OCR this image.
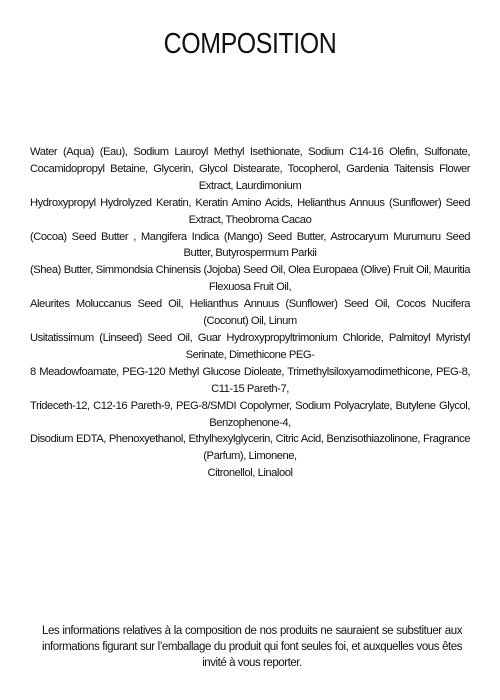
COMPOSITION

Water (Aqua) (Eau), Sodium Lauroyl Methyl Isethionate, Sodium C14-16 Olefin, Sulfonate, Cocamidopropyl Betaine, Glycerin, Glycol Distearate, Tocopherol, Gardenia Taitensis Flower Extract, Laurdimonium

Hydroxypropyl Hydrolyzed Keratin, Keratin Amino Acids, Helianthus Annuus (Sunflower) Seed Extract, Theobroma Cacao

(Cocoa) Seed Butter , Mangifera Indica (Mango) Seed Butter, Astrocaryum Murumuru Seed Butter, Butyrospermum Parkii

(Shea) Butter, Simmondsia Chinensis (Jojoba) Seed Oil, Olea Europaea (Olive) Fruit Oil, Mauritia Flexuosa Fruit Oil,

Aleurites Moluccanus Seed Oil, Helianthus Annuus (Sunflower) Seed Oil, Cocos Nucifera (Coconut) Oil, Linum

Usitatissimum (Linseed) Seed Oil, Guar Hydroxypropyltrimonium Chloride, Palmitoyl Myristyl Serinate, Dimethicone PEG-

8 Meadowfoamate, PEG-120 Methyl Glucose Dioleate, Trimethylsiloxyamodimethicone, PEG-8, C11-15 Pareth-7,

Trideceth-12, C12-16 Pareth-9, PEG-8/SMDI Copolymer, Sodium Polyacrylate, Butylene Glycol, Benzophenone-4,

Disodium EDTA, Phenoxyethanol, Ethylhexylglycerin, Citric Acid, Benzisothiazolinone, Fragrance (Parfum), Limonene,

Citronellol, Linalool

Les informations relatives à la composition de nos produits ne sauraient se substituer aux informations figurant sur l’emballage du produit qui font seules foi, et auxquelles vous êtes invité à vous reporter.
